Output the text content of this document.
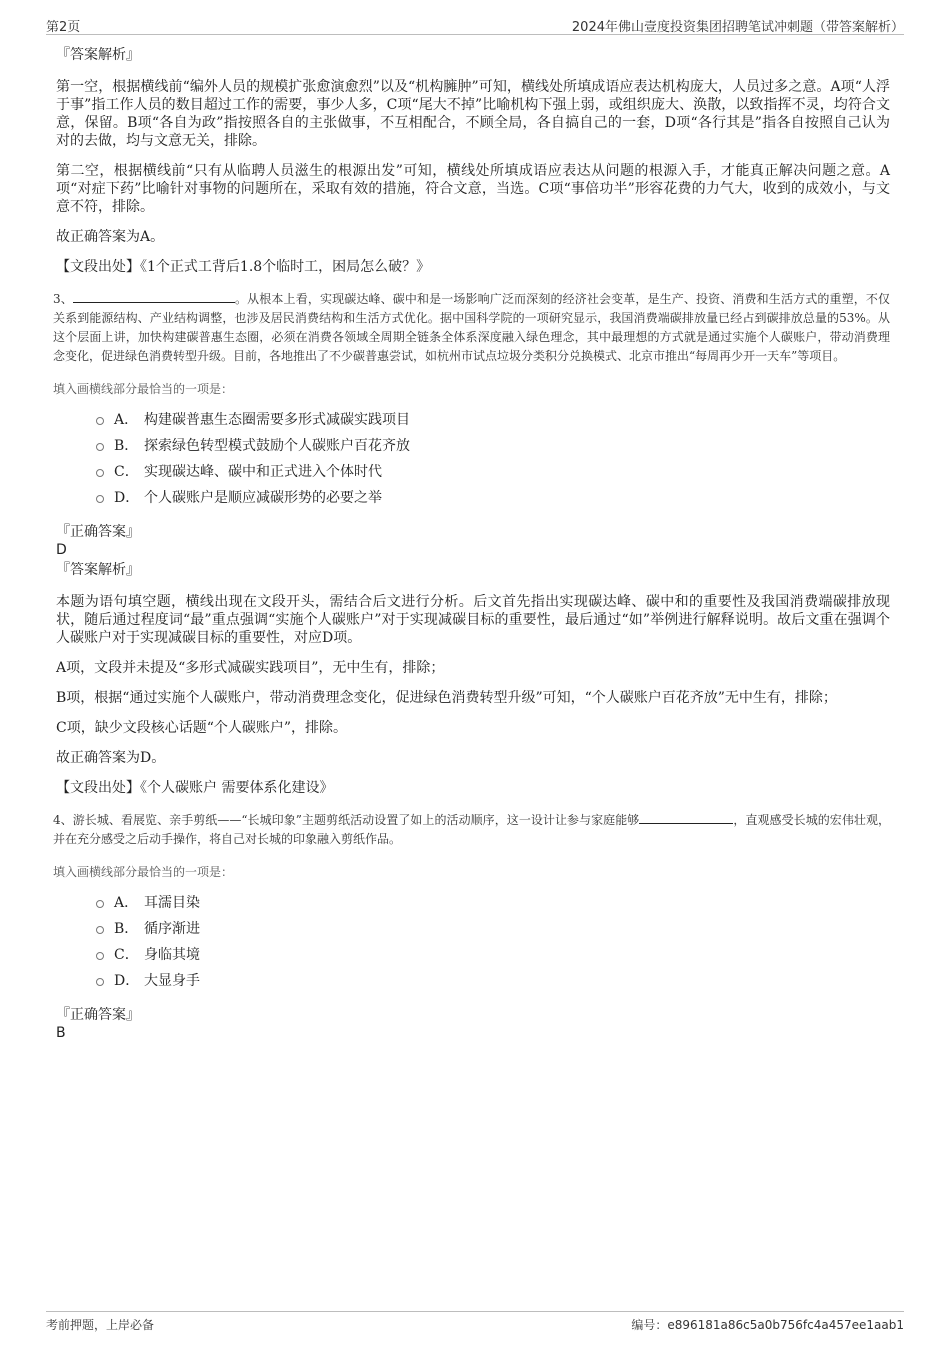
第2页	2024年佛山壹度投资集团招聘笔试冲刺题（带答案解析）

『答案解析』

第一空，根据横线前“编外人员的规模扩张愈演愈烈”以及“机构臃肿”可知，横线处所填成语应表达机构庞大，人员过多之意。A项“人浮于事”指工作人员的数目超过工作的需要，事少人多，C项“尾大不掉”比喻机构下强上弱，或组织庞大、涣散，以致指挥不灵，均符合文意，保留。B项“各自为政”指按照各自的主张做事，不互相配合，不顾全局，各自搞自己的一套，D项“各行其是”指各自按照自己认为对的去做，均与文意无关，排除。

第二空，根据横线前“只有从临聘人员滋生的根源出发”可知，横线处所填成语应表达从问题的根源入手，才能真正解决问题之意。A项“对症下药”比喻针对事物的问题所在，采取有效的措施，符合文意，当选。C项“事倍功半”形容花费的力气大，收到的成效小，与文意不符，排除。

故正确答案为A。

【文段出处】《1个正式工背后1.8个临时工，困局怎么破？》

3、	。从根本上看，实现碳达峰、碳中和是一场影响广泛而深刻的经济社会变革，是生产、投资、消费和生活方式的重塑，不仅关系到能源结构、产业结构调整，也涉及居民消费结构和生活方式优化。据中国科学院的一项研究显示，我国消费端碳排放量已经占到碳排放总量的53%。从这个层面上讲，加快构建碳普惠生态圈，必须在消费各领域全周期全链条全体系深度融入绿色理念，其中最理想的方式就是通过实施个人碳账户，带动消费理念变化，促进绿色消费转型升级。目前，各地推出了不少碳普惠尝试，如杭州市试点垃圾分类积分兑换模式、北京市推出“每周再少开一天车”等项目。
填入画横线部分最恰当的一项是：
A． 构建碳普惠生态圈需要多形式减碳实践项目
B． 探索绿色转型模式鼓励个人碳账户百花齐放
C． 实现碳达峰、碳中和正式进入个体时代
D． 个人碳账户是顺应减碳形势的必要之举

『正确答案』

D

『答案解析』

本题为语句填空题，横线出现在文段开头，需结合后文进行分析。后文首先指出实现碳达峰、碳中和的重要性及我国消费端碳排放现状，随后通过程度词“最”重点强调“实施个人碳账户”对于实现减碳目标的重要性，最后通过“如”举例进行解释说明。故后文重在强调个人碳账户对于实现减碳目标的重要性，对应D项。

A项，文段并未提及“多形式减碳实践项目”，无中生有，排除；

B项，根据“通过实施个人碳账户，带动消费理念变化，促进绿色消费转型升级”可知，“个人碳账户百花齐放”无中生有，排除；

C项，缺少文段核心话题“个人碳账户”，排除。

故正确答案为D。

【文段出处】《个人碳账户 需要体系化建设》

4、游长城、看展览、亲手剪纸——“长城印象”主题剪纸活动设置了如上的活动顺序，这一设计让参与家庭能够	，直观感受长城的宏伟壮观，并在充分感受之后动手操作，将自己对长城的印象融入剪纸作品。
填入画横线部分最恰当的一项是：
A． 耳濡目染
B． 循序渐进
C． 身临其境
D． 大显身手

『正确答案』

B

考前押题，上岸必备	编号：e896181a86c5a0b756fc4a457ee1aab1
